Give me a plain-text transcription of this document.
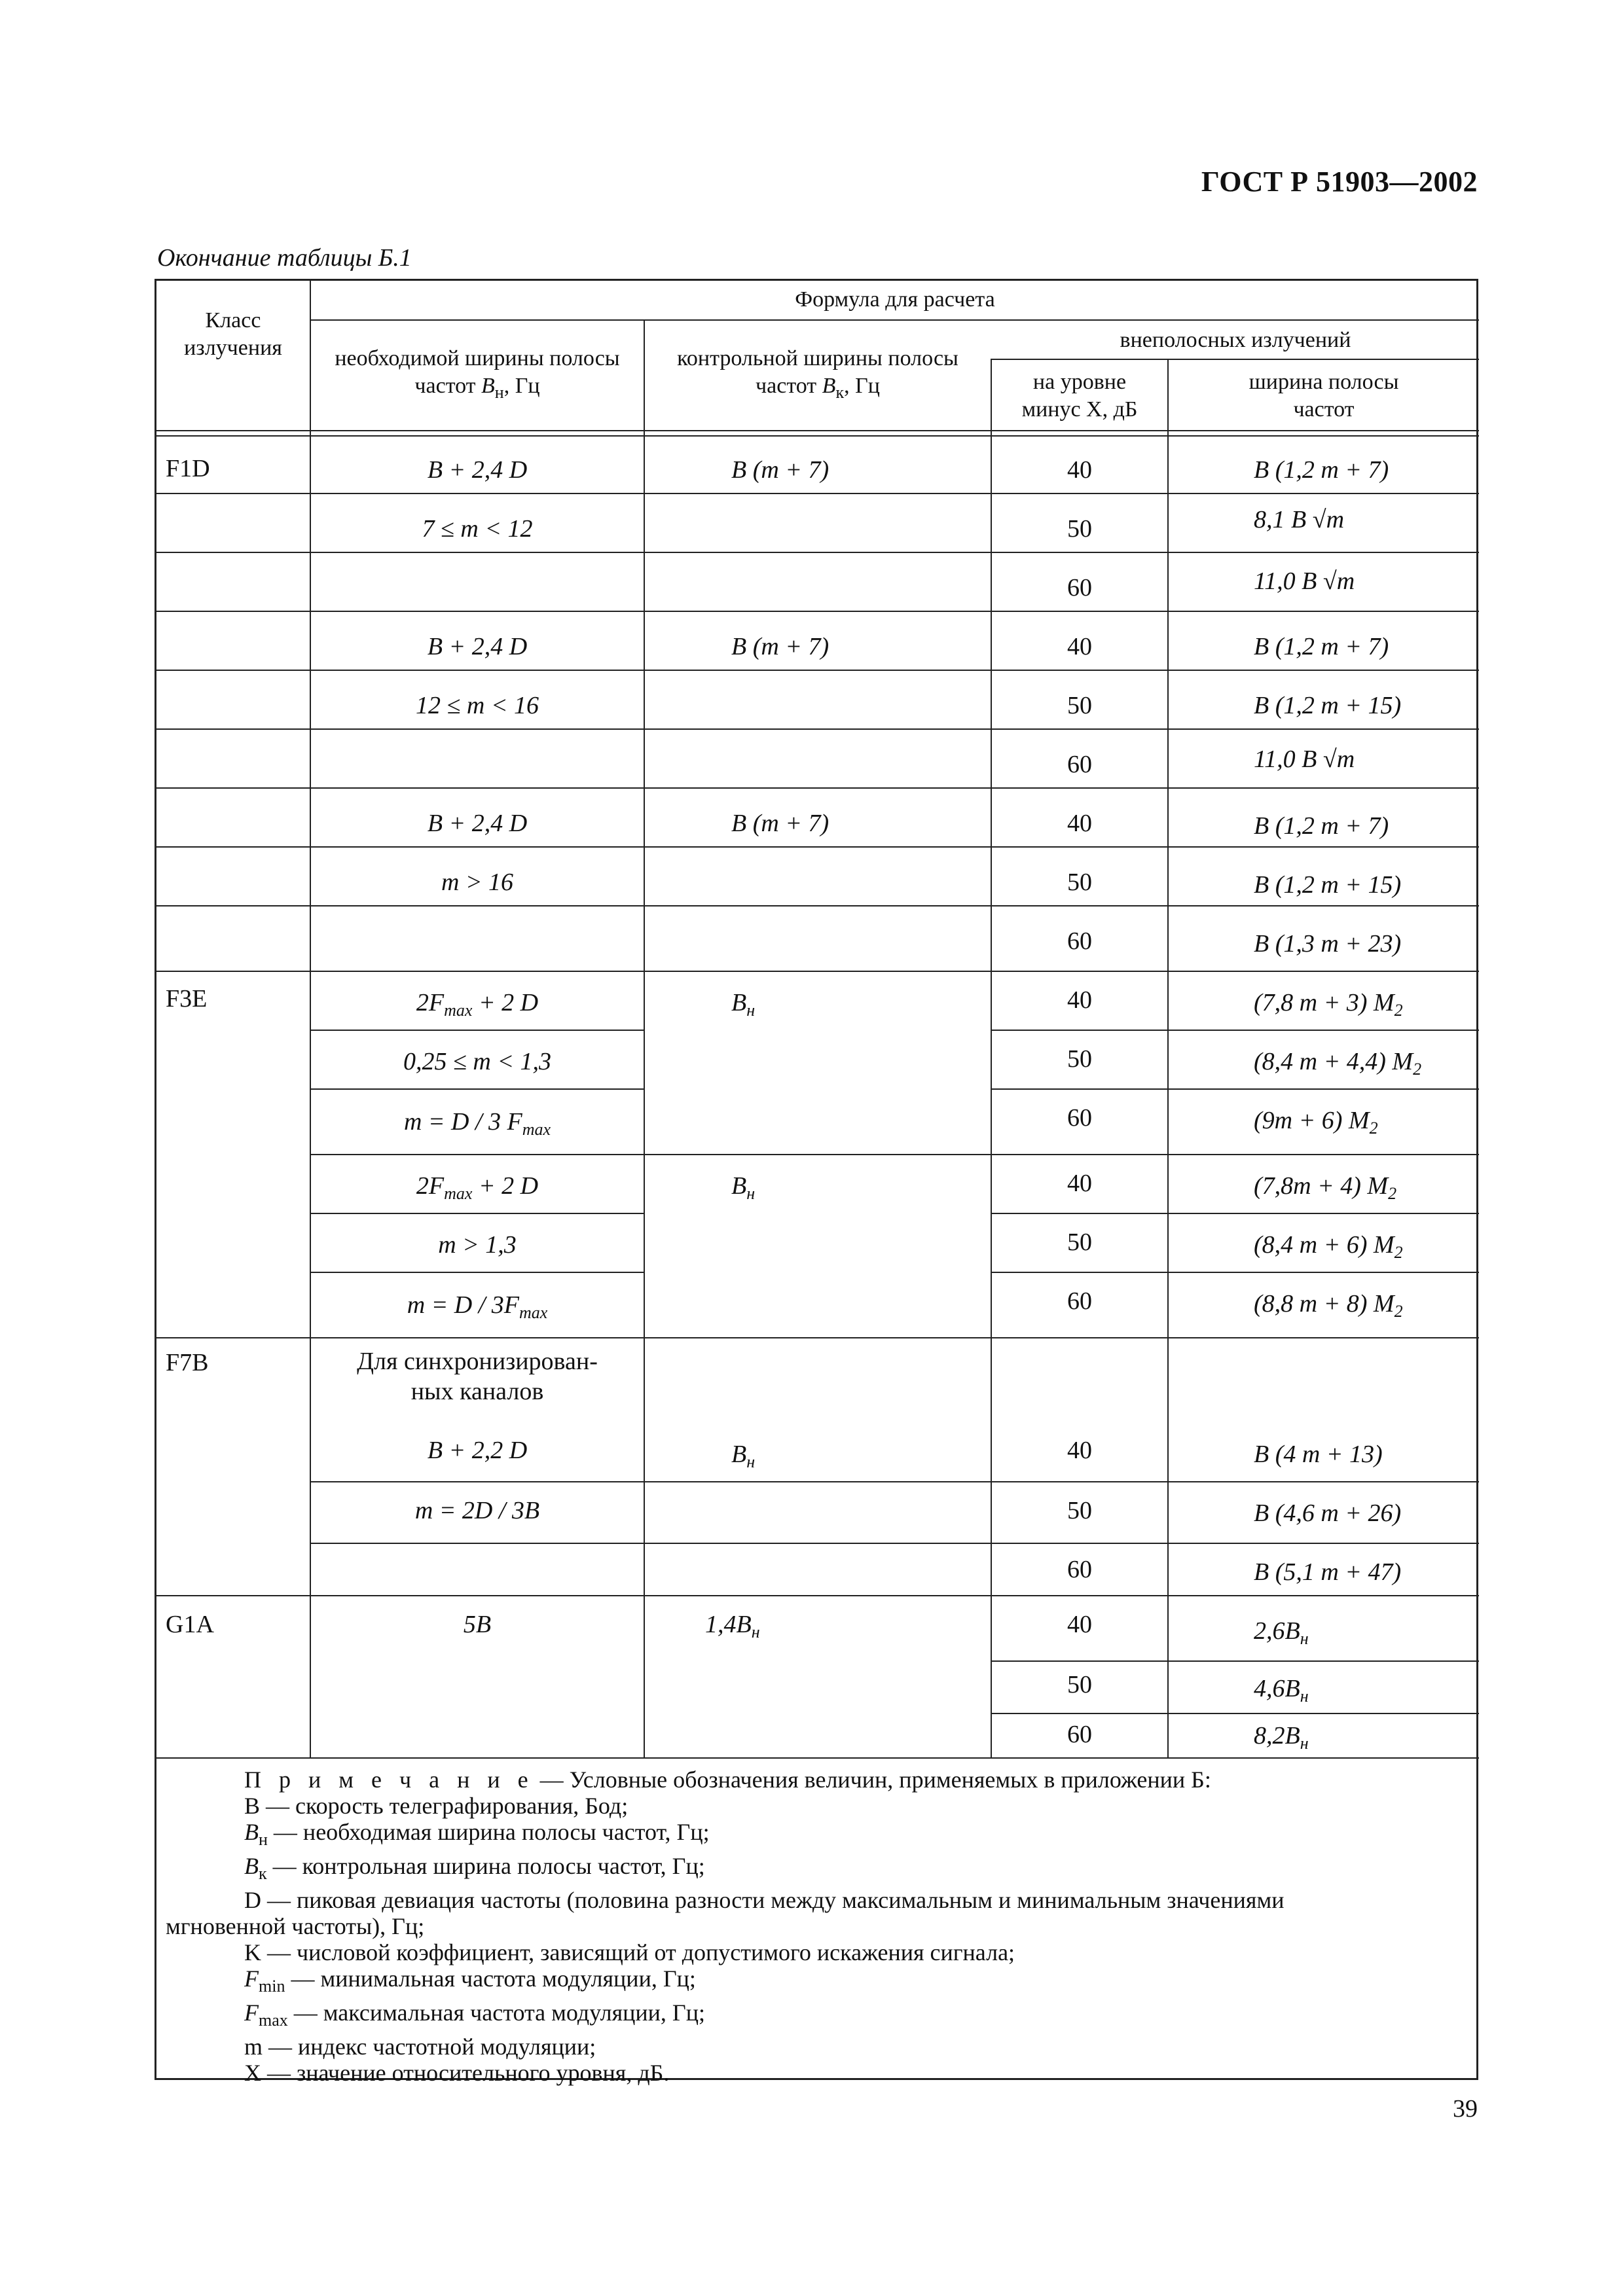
ГОСТ Р 51903—2002
Окончание таблицы Б.1
Класс излучения
Формула для расчета
необходимой ширины полосы частот $B_н$, Гц
контрольной ширины полосы частот $B_к$, Гц
внеполосных излучений
на уровне минус X, дБ
ширина полосы частот
F1D
F3E
F7B
G1A
B + 2,4 D
7 ≤ m < 12
B + 2,4 D
12 ≤ m < 16
B + 2,4 D
m > 16
$2F_{max} + 2$ D
0,25 ≤ m < 1,3
m = D / 3 $F_{max}$
$2F_{max} + 2$ D
m > 1,3
$m = D / 3F_{max}$
Для синхронизирован-
ных каналов
B + 2,2 D
m = 2D / 3B
5B
B (m + 7)
B (m + 7)
B (m + 7)
$B_н$
$B_н$
$B_н$
$1,4B_н$
40
50
60
40
50
60
40
50
60
40
50
60
40
50
60
40
50
60
40
50
60
B (1,2 m + 7)
8,1 B √m
11,0 B √m
B (1,2 m + 7)
B (1,2 m + 15)
11,0 B √m
B (1,2 m + 7)
B (1,2 m + 15)
B (1,3 m + 23)
(7,8 m + 3) $M_2$
(8,4 m + 4,4) $M_2$
(9m + 6) $M_2$
(7,8m + 4) $M_2$
(8,4 m + 6) $M_2$
(8,8 m + 8) $M_2$
B (4 m + 13)
B (4,6 m + 26)
B (5,1 m + 47)
$2,6B_н$
$4,6B_н$
$8,2B_н$

П р и м е ч а н и е — Условные обозначения величин, применяемых в приложении Б:

B — скорость телеграфирования, Бод;

$B_н$ — необходимая ширина полосы частот, Гц;

$B_к$ — контрольная ширина полосы частот, Гц;

D — пиковая девиация частоты (половина разности между максимальным и минимальным значениями

мгновенной частоты), Гц;

K — числовой коэффициент, зависящий от допустимого искажения сигнала;

$F_{min}$ — минимальная частота модуляции, Гц;

$F_{max}$ — максимальная частота модуляции, Гц;

m — индекс частотной модуляции;

X — значение относительного уровня, дБ.

39
